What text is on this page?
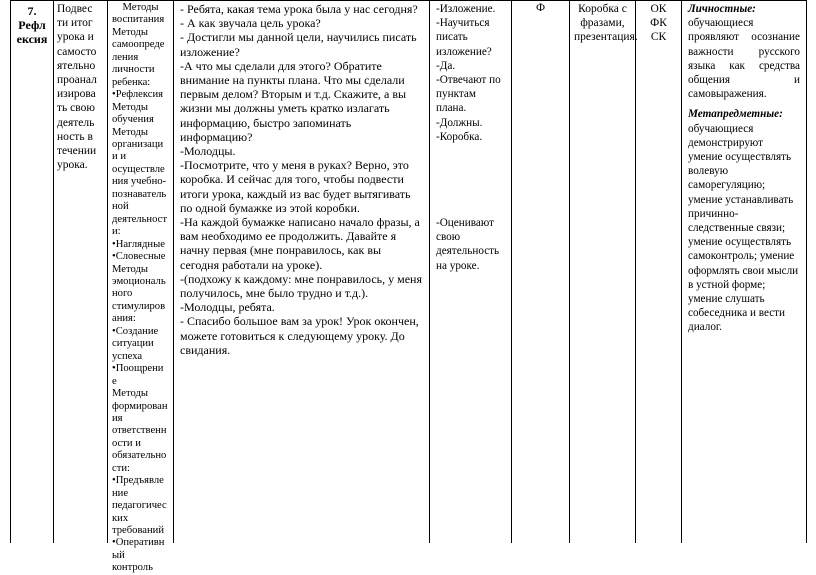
7.
Рефл
ексия
Подвес
ти итог
урока и
самосто
ятельно
проанал
изирова
ть свою
деятель
ность в
течении
урока.
Методы
воспитания
Методы
самоопреде
ления
личности
ребенка:
•Рефлексия
Методы
обучения
Методы
организаци
и и
осуществле
ния учебно-
познаватель
ной
деятельност
и:
•Наглядные
•Словесные
Методы
эмоциональ
ного
стимулиров
ания:
•Создание
ситуации
успеха
•Поощрени
е
Методы
формирован
ия
ответственн
ости и
обязательно
сти:
•Предъявле
ние
педагогичес
ких
требований
•Оперативн
ый
контроль
- Ребята, какая тема урока была у нас сегодня?
- А как звучала цель урока?
- Достигли мы данной цели, научились писать изложение?
-А что мы сделали для этого? Обратите внимание на пункты плана. Что мы сделали первым делом? Вторым и т.д. Скажите, а вы жизни мы должны уметь кратко излагать информацию, быстро запоминать информацию?
-Молодцы.
-Посмотрите, что у меня в руках? Верно, это коробка. И сейчас для того, чтобы подвести итоги урока, каждый из вас будет вытягивать по одной бумажке из этой коробки.
-На каждой бумажке написано начало фразы, а вам необходимо ее продолжить. Давайте я начну первая (мне понравилось, как вы сегодня работали на уроке).
-(подхожу к каждому: мне понравилось, у меня получилось, мне было трудно и т.д.).
-Молодцы, ребята.
- Спасибо большое вам за урок! Урок окончен, можете готовиться к следующему уроку. До свидания.
-Изложение.
-Научиться писать изложение?
-Да.
-Отвечают по пунктам плана.
-Должны.
-Коробка.
-Оценивают свою деятельность на уроке.
Ф	Коробка с фразами, презентация.
ОК
ФК
СК
Личностные:
обучающиеся проявляют осознание важности русского языка как средства общения и самовыражения.
Метапредметные:
обучающиеся демонстрируют умение осуществлять волевую саморегуляцию; умение устанавливать причинно-следственные связи; умение осуществлять самоконтроль; умение оформлять свои мысли в устной форме; умение слушать собеседника и вести диалог.
